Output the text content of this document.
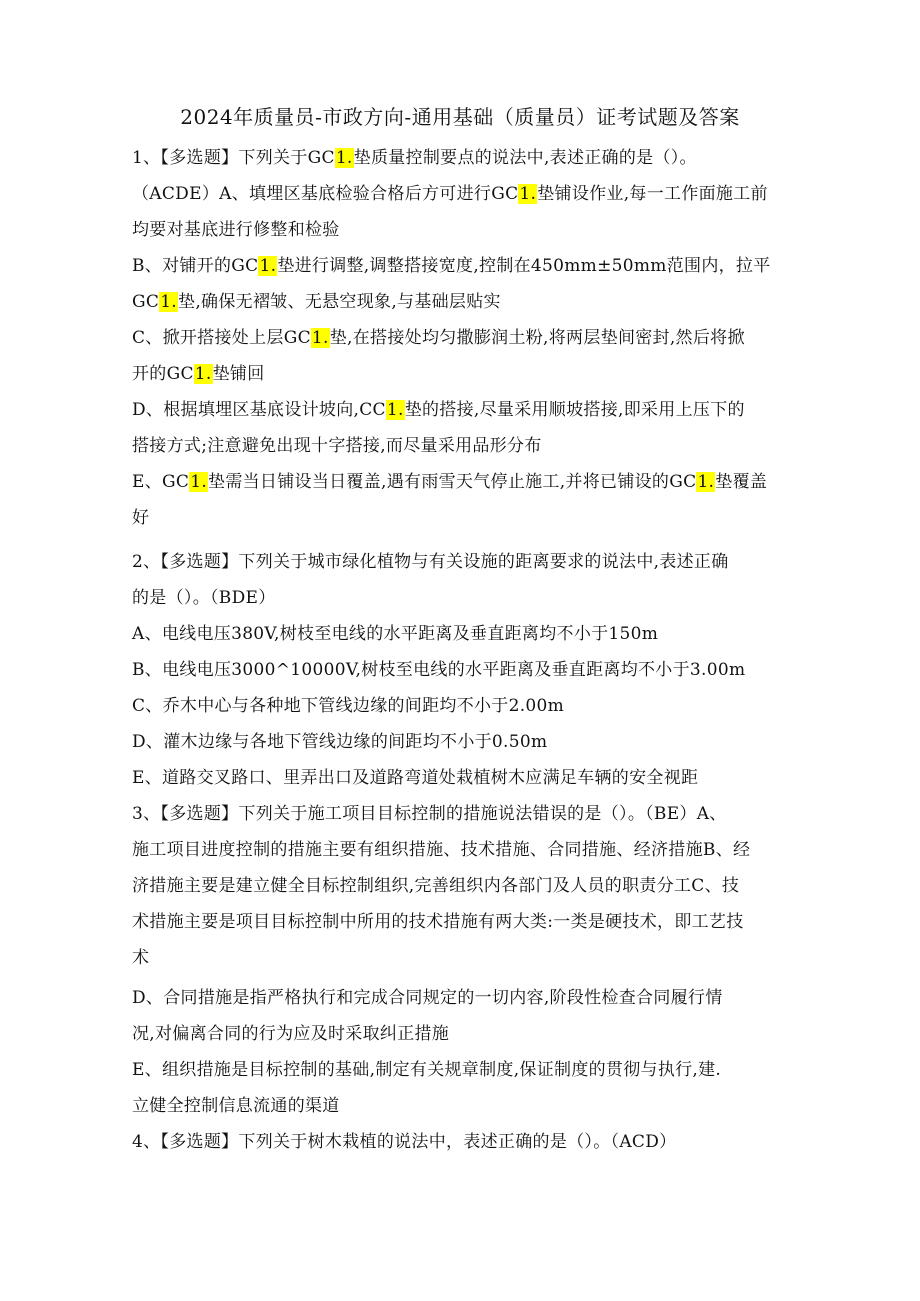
2024年质量员-市政方向-通用基础（质量员）证考试题及答案
1、【多选题】下列关于GC1.垫质量控制要点的说法中,表述正确的是（）。
（ACDE）A、填埋区基底检验合格后方可进行GC1.垫铺设作业,每一工作面施工前
均要对基底进行修整和检验
B、对铺开的GC1.垫进行调整,调整搭接宽度,控制在450mm±50mm范围内，拉平
GC1.垫,确保无褶皱、无悬空现象,与基础层贴实
C、掀开搭接处上层GC1.垫,在搭接处均匀撒膨润土粉,将两层垫间密封,然后将掀
开的GC1.垫铺回
D、根据填埋区基底设计坡向,CC1.垫的搭接,尽量采用顺坡搭接,即采用上压下的
搭接方式;注意避免出现十字搭接,而尽量采用品形分布
E、GC1.垫需当日铺设当日覆盖,遇有雨雪天气停止施工,并将已铺设的GC1.垫覆盖
好
2、【多选题】下列关于城市绿化植物与有关设施的距离要求的说法中,表述正确
的是（）。（BDE）
A、电线电压380V,树枝至电线的水平距离及垂直距离均不小于150m
B、电线电压3000^10000V,树枝至电线的水平距离及垂直距离均不小于3.00m
C、乔木中心与各种地下管线边缘的间距均不小于2.00m
D、灌木边缘与各地下管线边缘的间距均不小于0.50m
E、道路交叉路口、里弄出口及道路弯道处栽植树木应满足车辆的安全视距
3、【多选题】下列关于施工项目目标控制的措施说法错误的是（）。（BE）A、
施工项目进度控制的措施主要有组织措施、技术措施、合同措施、经济措施B、经
济措施主要是建立健全目标控制组织,完善组织内各部门及人员的职责分工C、技
术措施主要是项目目标控制中所用的技术措施有两大类:一类是硬技术，即工艺技
术
D、合同措施是指严格执行和完成合同规定的一切内容,阶段性检查合同履行情
况,对偏离合同的行为应及时采取纠正措施
E、组织措施是目标控制的基础,制定有关规章制度,保证制度的贯彻与执行,建.
立健全控制信息流通的渠道
4、【多选题】下列关于树木栽植的说法中，表述正确的是（）。（ACD）
